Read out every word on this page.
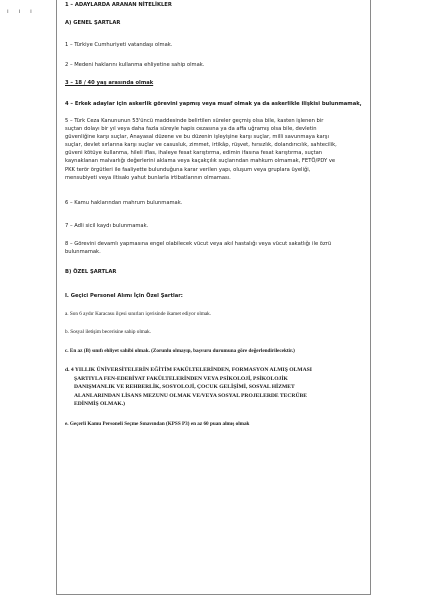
ı ı ı
1 – ADAYLARDA ARANAN NİTELİKLER
A) GENEL ŞARTLAR
1 – Türkiye Cumhuriyeti vatandaşı olmak.
2 – Medeni haklarını kullanma ehliyetine sahip olmak.
3 – 18 / 40 yaş arasında olmak
4 – Erkek adaylar için askerlik görevini yapmış veya muaf olmak ya da askerlikle ilişkisi bulunmamak,
5 – Türk Ceza Kanununun 53'üncü maddesinde belirtilen süreler geçmiş olsa bile, kasten işlenen bir
suçtan dolayı bir yıl veya daha fazla süreyle hapis cezasına ya da affa uğramış olsa bile, devletin
güvenliğine karşı suçlar, Anayasal düzene ve bu düzenin işleyişine karşı suçlar, milli savunmaya karşı
suçlar, devlet sırlarına karşı suçlar ve casusluk, zimmet, irtikâp, rüşvet, hırsızlık, dolandırıcılık, sahtecilik,
güveni kötüye kullanma, hileli iflas, ihaleye fesat karıştırma, edimin ifasına fesat karıştırma, suçtan
kaynaklanan malvarlığı değerlerini aklama veya kaçakçılık suçlarından mahkum olmamak, FETÖ/PDY ve
PKK terör örgütleri ile faaliyette bulunduğuna karar verilen yapı, oluşum veya gruplara üyeliği,
mensubiyeti veya iltisakı yahut bunlarla irtibatlarının olmaması.
6 – Kamu haklarından mahrum bulunmamak.
7 – Adli sicil kaydı bulunmamak.
8 – Görevini devamlı yapmasına engel olabilecek vücut veya akıl hastalığı veya vücut sakatlığı ile özrü
bulunmamak.
B) ÖZEL ŞARTLAR
I. Geçici Personel Alımı İçin Özel Şartlar:
a. Son 6 aydır Karacasu ilçesi sınırları içerisinde ikamet ediyor olmak.
b. Sosyal iletişim becerisine sahip olmak.
c. En az (B) sınıfı ehliyet sahibi olmak. (Zorunlu olmayıp, başvuru durumuna göre değerlendirilecektir.)
d. 4 YILLIK ÜNİVERSİTELERİN EĞİTİM FAKÜLTELERİNDEN, FORMASYON ALMIŞ OLMASI
ŞARTIYLA FEN-EDEBİYAT FAKÜLTELERİNDEN VEYA PSİKOLOJİ, PSİKOLOJİK
DANIŞMANLIK VE REHBERLİK, SOSYOLOJİ, ÇOCUK GELİŞİMİ, SOSYAL HİZMET
ALANLARINDAN LİSANS MEZUNU OLMAK VE/VEYA SOSYAL PROJELERDE TECRÜBE
EDİNMİŞ OLMAK.)
e. Geçerli Kamu Personeli Seçme Sınavından (KPSS P3) en az 60 puan almış olmak
